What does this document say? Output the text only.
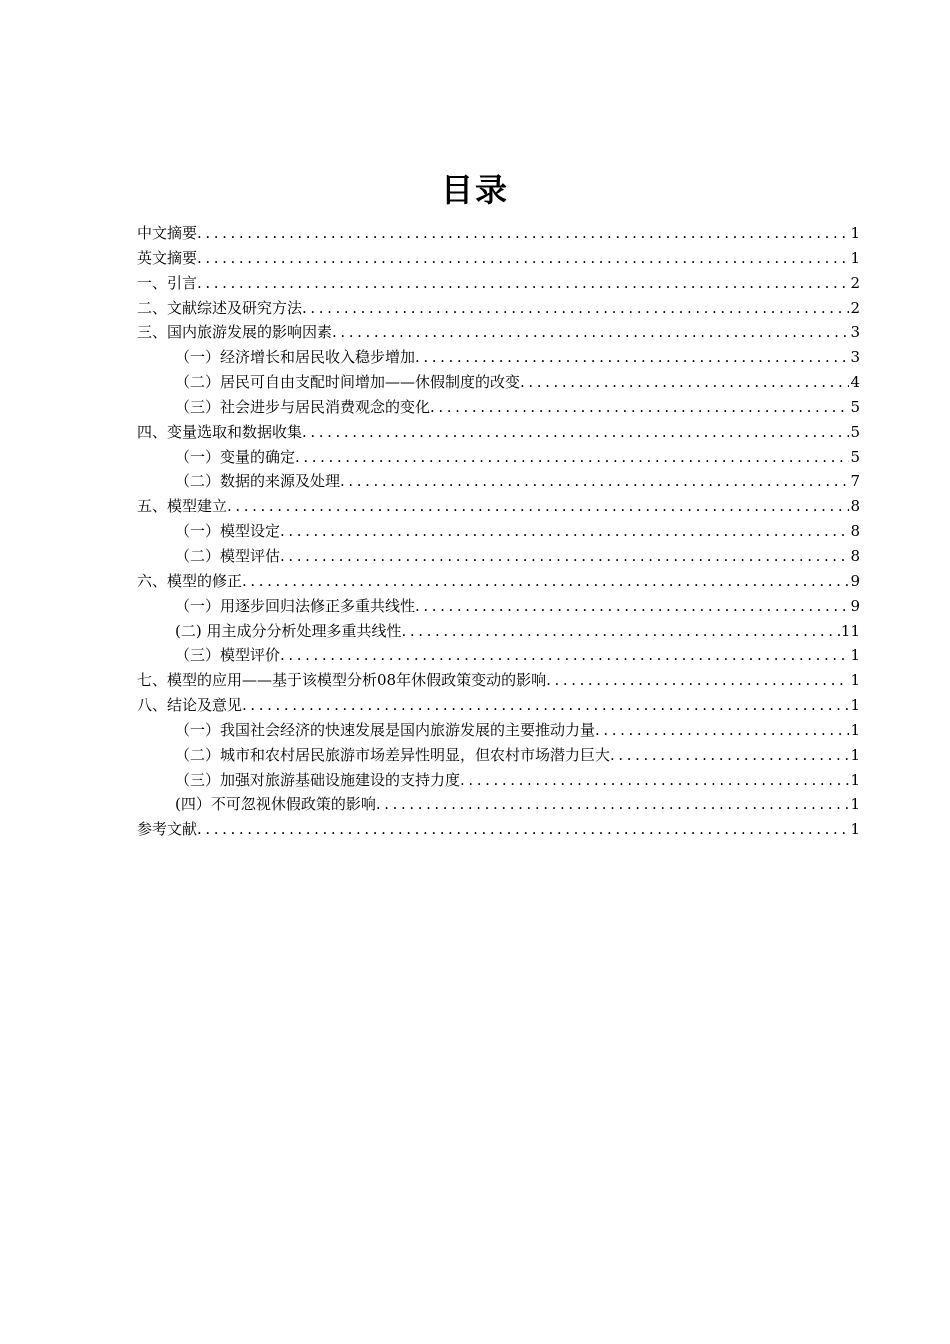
目录
中文摘要 .....	1
英文摘要 .....	1
一、引言 .....	2
二、文献综述及研究方法 .....	2
三、国内旅游发展的影响因素 .....	3
（一）经济增长和居民收入稳步增加 .....	3
（二）居民可自由支配时间增加——休假制度的改变 .....	4
（三）社会进步与居民消费观念的变化 .....	5
四、变量选取和数据收集 .....	5
（一）变量的确定 .....	5
（二）数据的来源及处理 .....	7
五、模型建立 .....	8
（一）模型设定 .....	8
（二）模型评估 .....	8
六、模型的修正 .....	9
（一）用逐步回归法修正多重共线性 .....	9
(二) 用主成分分析处理多重共线性 .....	11
（三）模型评价 .....	1
七、模型的应用——基于该模型分析08年休假政策变动的影响 .....	1
八、结论及意见 .....	1
（一）我国社会经济的快速发展是国内旅游发展的主要推动力量 .....	1
（二）城市和农村居民旅游市场差异性明显，但农村市场潜力巨大 .....	1
（三）加强对旅游基础设施建设的支持力度 .....	1
(四）不可忽视休假政策的影响 .....	1
参考文献 .....	1
